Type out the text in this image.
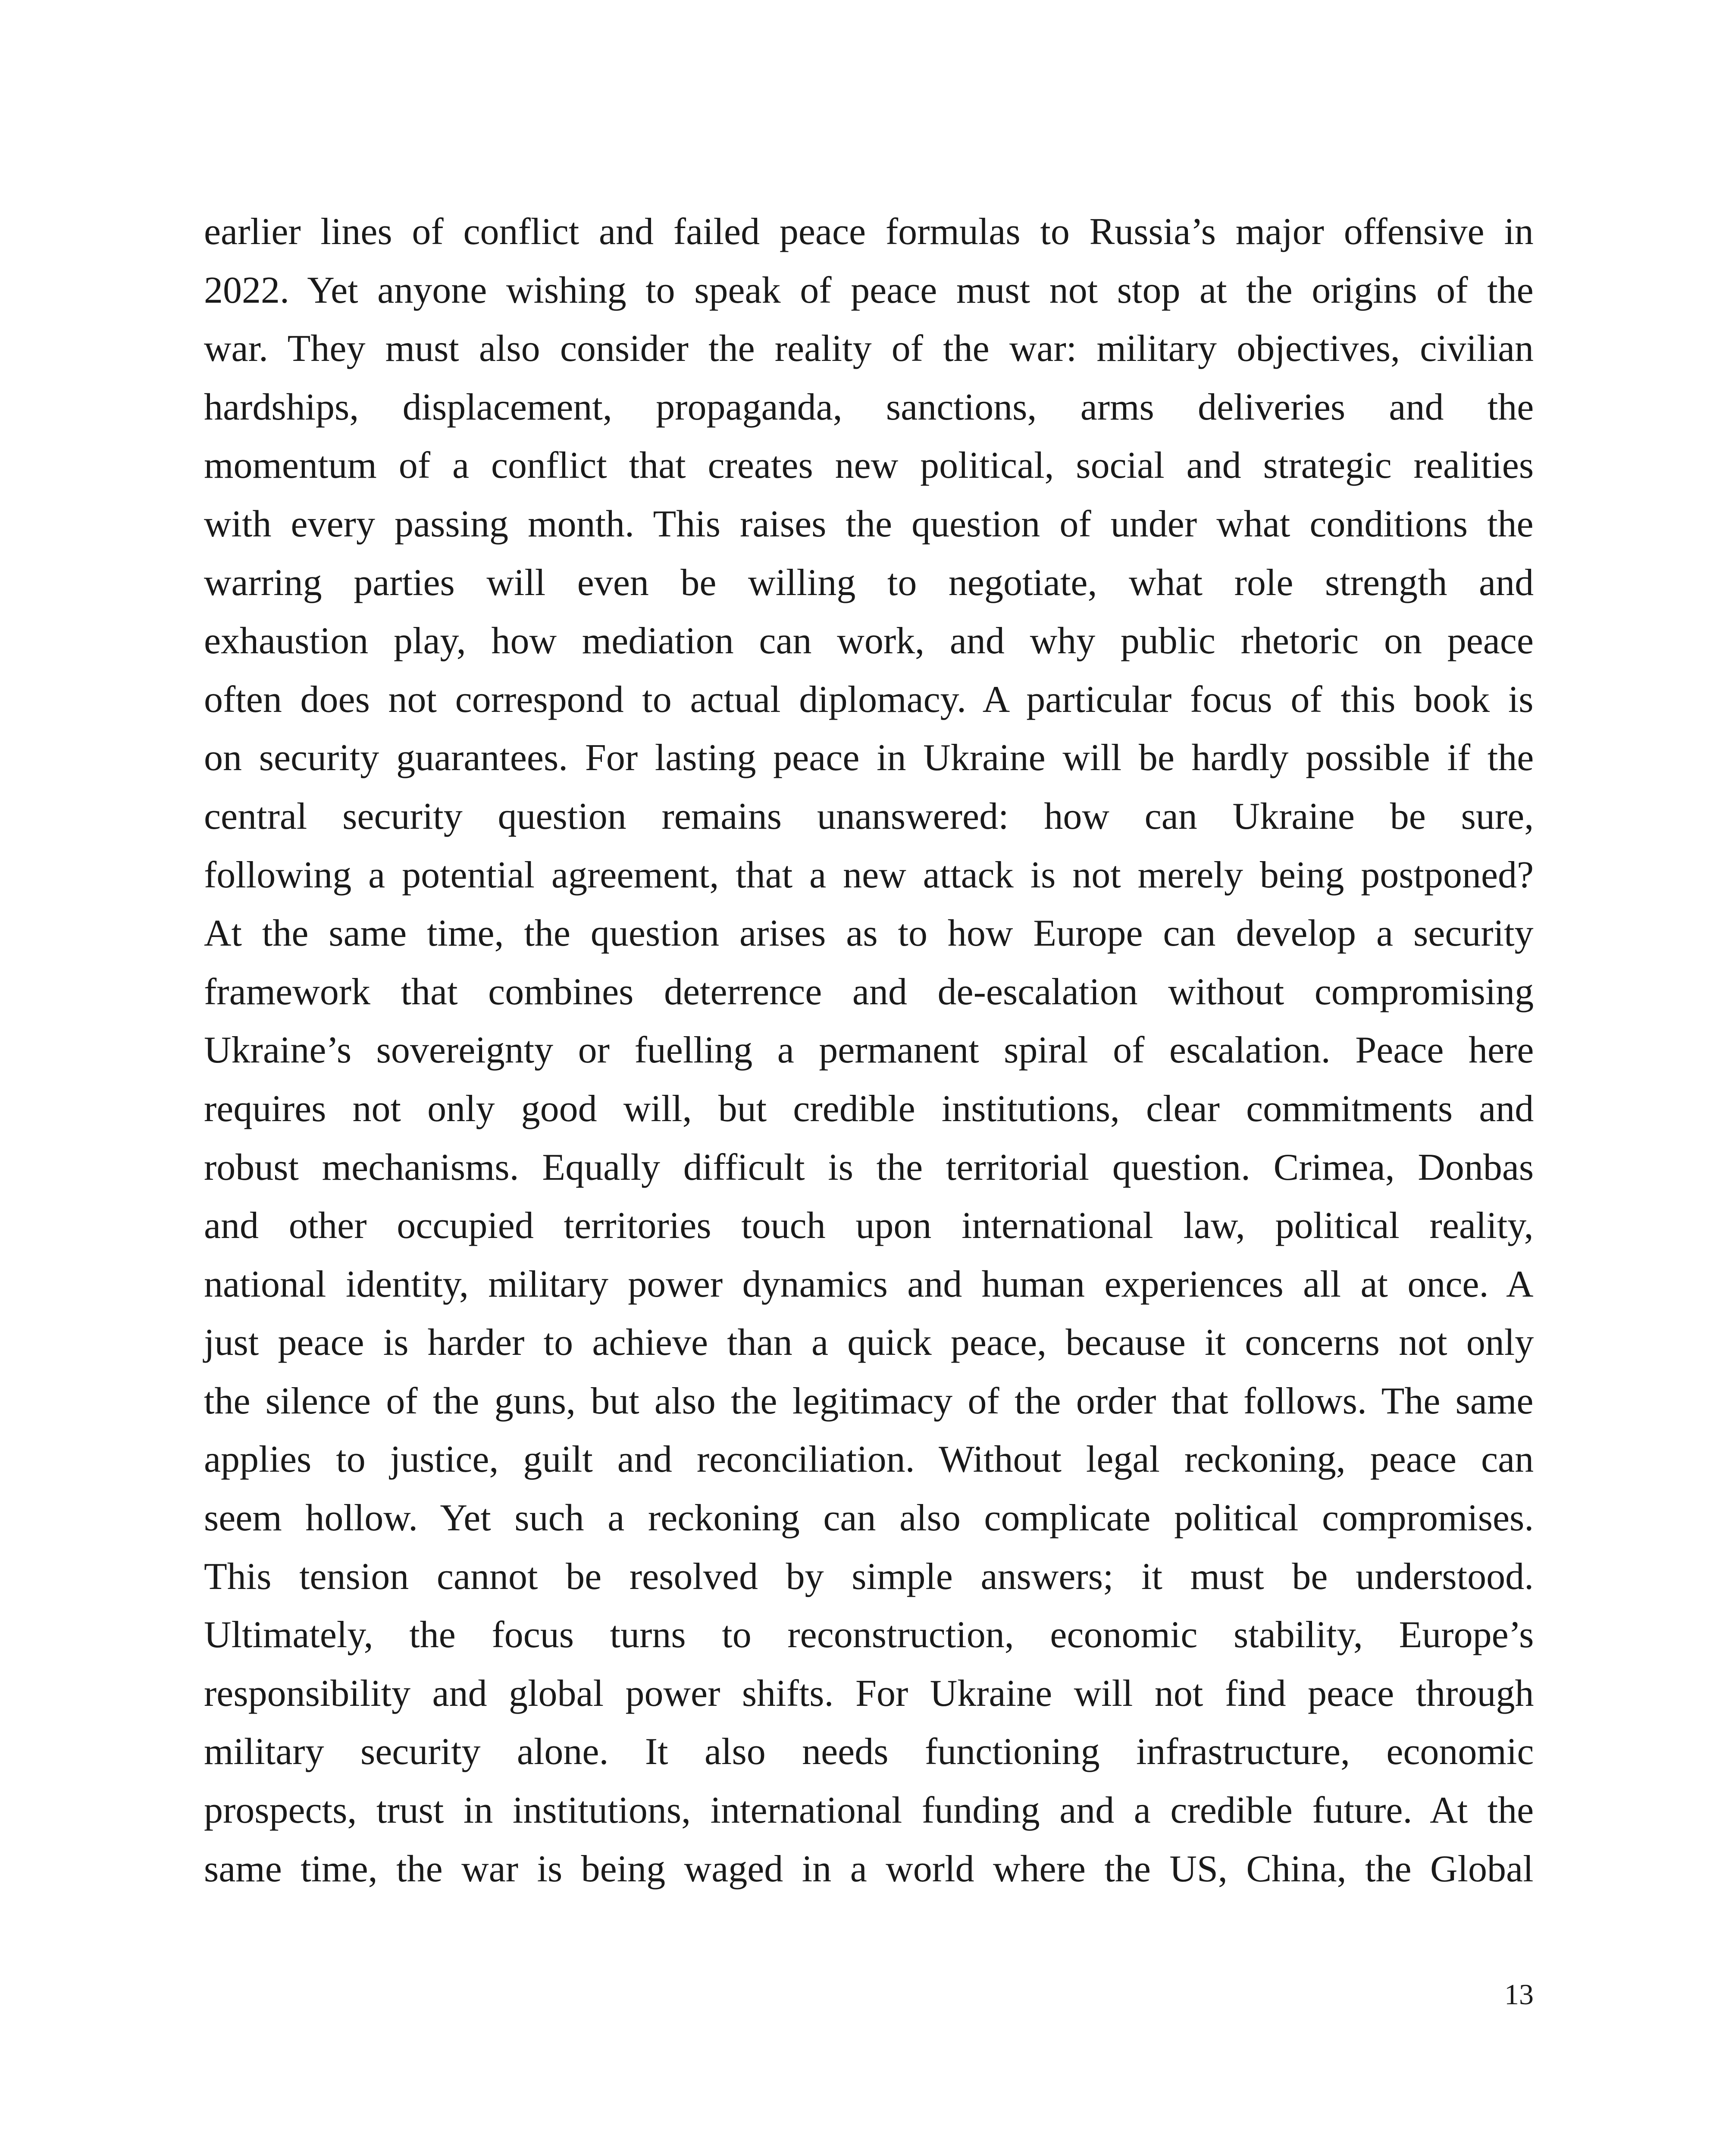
earlier lines of conflict and failed peace formulas to Russia’s major offensive in
2022. Yet anyone wishing to speak of peace must not stop at the origins of the
war. They must also consider the reality of the war: military objectives, civilian
hardships, displacement, propaganda, sanctions, arms deliveries and the
momentum of a conflict that creates new political, social and strategic realities
with every passing month. This raises the question of under what conditions the
warring parties will even be willing to negotiate, what role strength and
exhaustion play, how mediation can work, and why public rhetoric on peace
often does not correspond to actual diplomacy. A particular focus of this book is
on security guarantees. For lasting peace in Ukraine will be hardly possible if the
central security question remains unanswered: how can Ukraine be sure,
following a potential agreement, that a new attack is not merely being postponed?
At the same time, the question arises as to how Europe can develop a security
framework that combines deterrence and de-escalation without compromising
Ukraine’s sovereignty or fuelling a permanent spiral of escalation. Peace here
requires not only good will, but credible institutions, clear commitments and
robust mechanisms. Equally difficult is the territorial question. Crimea, Donbas
and other occupied territories touch upon international law, political reality,
national identity, military power dynamics and human experiences all at once. A
just peace is harder to achieve than a quick peace, because it concerns not only
the silence of the guns, but also the legitimacy of the order that follows. The same
applies to justice, guilt and reconciliation. Without legal reckoning, peace can
seem hollow. Yet such a reckoning can also complicate political compromises.
This tension cannot be resolved by simple answers; it must be understood.
Ultimately, the focus turns to reconstruction, economic stability, Europe’s
responsibility and global power shifts. For Ukraine will not find peace through
military security alone. It also needs functioning infrastructure, economic
prospects, trust in institutions, international funding and a credible future. At the
same time, the war is being waged in a world where the US, China, the Global
13
